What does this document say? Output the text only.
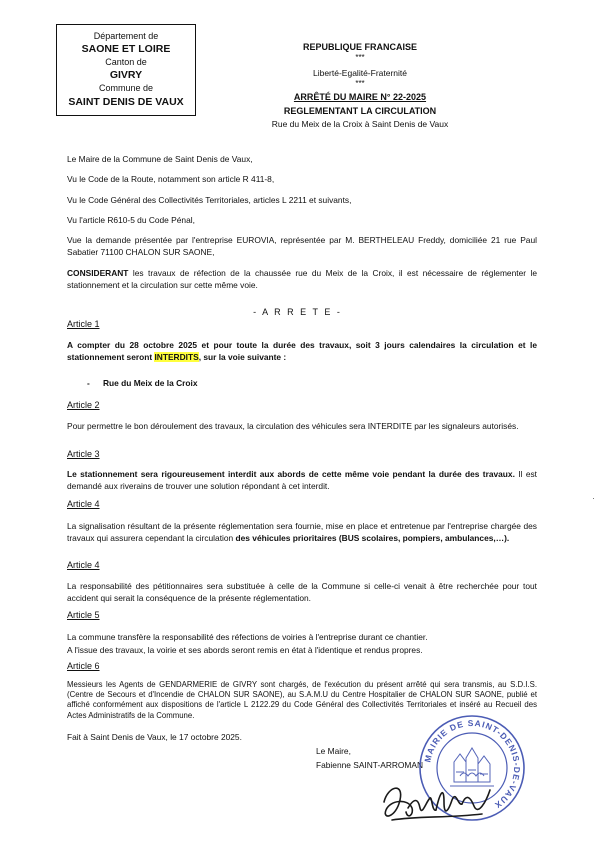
Département de
SAONE ET LOIRE
Canton de
GIVRY
Commune de
SAINT DENIS DE VAUX
REPUBLIQUE FRANCAISE
***
Liberté-Egalité-Fraternité
***
ARRÊTÉ DU MAIRE N° 22-2025
REGLEMENTANT LA CIRCULATION
Rue du Meix de la Croix à Saint Denis de Vaux
Le Maire de la Commune de Saint Denis de Vaux,
Vu le Code de la Route, notamment son article R 411-8,
Vu le Code Général des Collectivités Territoriales, articles L 2211 et suivants,
Vu l'article R610-5 du Code Pénal,
Vue la demande présentée par l'entreprise EUROVIA, représentée par M. BERTHELEAU Freddy, domiciliée 21 rue Paul Sabatier 71100 CHALON SUR SAONE,
CONSIDERANT les travaux de réfection de la chaussée rue du Meix de la Croix, il est nécessaire de réglementer le stationnement et la circulation sur cette même voie.
- A R R E T E -
Article 1
A compter du 28 octobre 2025 et pour toute la durée des travaux, soit 3 jours calendaires la circulation et le stationnement seront INTERDITS, sur la voie suivante :
-	Rue du Meix de la Croix
Article 2
Pour permettre le bon déroulement des travaux, la circulation des véhicules sera INTERDITE par les signaleurs autorisés.
Article 3
Le stationnement sera rigoureusement interdit aux abords de cette même voie pendant la durée des travaux. Il est demandé aux riverains de trouver une solution répondant à cet interdit.
Article 4
La signalisation résultant de la présente réglementation sera fournie, mise en place et entretenue par l'entreprise chargée des travaux qui assurera cependant la circulation des véhicules prioritaires (BUS scolaires, pompiers, ambulances,…).
Article 4
La responsabilité des pétitionnaires sera substituée à celle de la Commune si celle-ci venait à être recherchée pour tout accident qui serait la conséquence de la présente réglementation.
Article 5
La commune transfère la responsabilité des réfections de voiries à l'entreprise durant ce chantier.
A l'issue des travaux, la voirie et ses abords seront remis en état à l'identique et rendus propres.
Article 6
Messieurs les Agents de GENDARMERIE de GIVRY sont chargés, de l'exécution du présent arrêté qui sera transmis, au S.D.I.S. (Centre de Secours et d'Incendie de CHALON SUR SAONE), au S.A.M.U du Centre Hospitalier de CHALON SUR SAONE, publié et affiché conformément aux dispositions de l'article L 2122.29 du Code Général des Collectivités Territoriales et inséré au Recueil des Actes Administratifs de la Commune.
Fait à Saint Denis de Vaux, le 17 octobre 2025.
Le Maire,
Fabienne SAINT-ARROMAN
MAIRIE DE SAINT-DENIS-DE-VAUX
